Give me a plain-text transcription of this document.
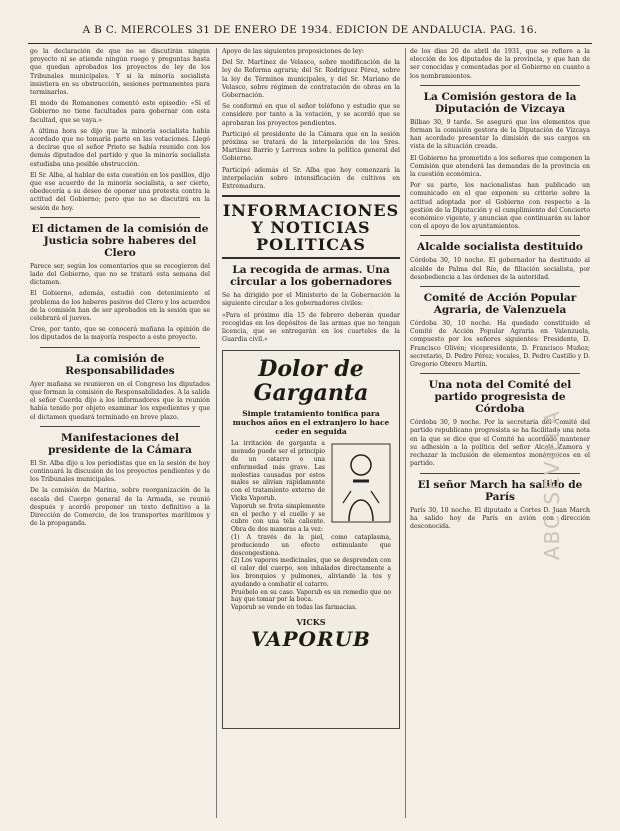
A B C. MIERCOLES 31 DE ENERO DE 1934. EDICION DE ANDALUCIA. PAG. 16.

go la declaración de que no se discutirán ningún proyecto ni se atiende ningún ruego y preguntas hasta que quedan aprobados los proyectos de ley de los Tribunales municipales. Y si la minoría socialista insistiera en su obstrucción, sesiones permanentes para terminarlos.

El modo de Romanones comentó este episodio: «Si el Gobierno no tiene facultades para gobernar con esta facultad, que se vaya.»

A última hora se dijo que la minoría socialista había acordado que no tomaría parte en las votaciones. Llegó a decirse que el señor Prieto se había reunido con los demás diputados del partido y que la minoría socialista estudiaba una posible obstrucción.

El Sr. Alba, al hablar de esta cuestión en los pasillos, dijo que ese acuerdo de la minoría socialista, a ser cierto, obedecería a su deseo de oponer una protesta contra la actitud del Gobierno; pero que no se discutirá en la sesión de hoy.

El dictamen de la comisión de Justicia sobre haberes del Clero

Parece ser, según los comentarios que se recogieron del lado del Gobierno, que no se tratará esta semana del dictamen.

El Gobierno, además, estudió con detenimiento el problema de los haberes pasivos del Clero y los acuerdos de la comisión han de ser aprobados en la sesión que se celebrará el jueves.

Cree, por tanto, que se conocerá mañana la opinión de los diputados de la mayoría respecto a este proyecto.

La comisión de Responsabilidades

Ayer mañana se reunieron en el Congreso los diputados que forman la comisión de Responsabilidades. A la salida el señor Cuerda dijo a los informadores que la reunión había tenido por objeto examinar los expedientes y que el dictamen quedará terminado en breve plazo.

Manifestaciones del presidente de la Cámara

El Sr. Alba dijo a los periodistas que en la sesión de hoy continuará la discusión de los proyectos pendientes y de los Tribunales municipales.

De la comisión de Marina, sobre reorganización de la escala del Cuerpo general de la Armada, se reunió después y acordó proponer un texto definitivo a la Dirección de Comercio, de los transportes marítimos y de la propaganda.

Apoyo de las siguientes proposiciones de ley:

Del Sr. Martínez de Velasco, sobre modificación de la ley de Reforma agraria; del Sr. Rodríguez Pérez, sobre la ley de Términos municipales, y del Sr. Mariano de Velasco, sobre régimen de contratación de obras en la Gobernación.

Se conformó en que el señor teléfono y estudio que se considere por tanto a la votación, y se acordó que se aprobaran los proyectos pendientes.

Participó el presidente de la Cámara que en la sesión próxima se tratará de la interpelación de los Sres. Martínez Barrio y Lerroux sobre la política general del Gobierno.

Participó además el Sr. Alba que hoy comenzará la interpelación sobre intensificación de cultivos en Extremadura.

INFORMACIONES Y NOTICIAS POLITICAS
La recogida de armas. Una circular a los gobernadores

Se ha dirigido por el Ministerio de la Gobernación la siguiente circular a los gobernadores civiles:

«Para el próximo día 15 de febrero deberán quedar recogidas en los depósitos de las armas que no tengan licencia, que se entregarán en los cuarteles de la Guardia civil.»

Dolor de Garganta
Simple tratamiento tonifica para muchos años en el extranjero lo hace ceder en seguida
La irritación de garganta a menudo puede ser el principio de un catarro o una enfermedad más grave. Las molestias causadas por estos males se alivian rápidamente con el tratamiento externo de Vicks Vaporub.
Vaporub se frota simplemente en el pecho y el cuello y se cubre con una tela caliente. Obra de dos maneras a la vez:
(1) A través de la piel, como cataplasma, produciendo un efecto estimulante que descongestiona.
(2) Los vapores medicinales, que se desprenden con el calor del cuerpo, son inhalados directamente a los bronquios y pulmones, aliviando la tos y ayudando a combatir el catarro.
Pruébelo en su caso. Vaporub es un remedio que no hay que tomar por la boca.
Vaporub se vende en todas las farmacias.
VICKS
VAPORUB

de los días 20 de abril de 1931, que se refiere a la elección de los diputados de la provincia, y que han de ser conocidas y comentadas por el Gobierno en cuanto a los nombramientos.

La Comisión gestora de la Diputación de Vizcaya

Bilbao 30, 9 tarde. Se aseguró que los elementos que forman la comisión gestora de la Diputación de Vizcaya han acordado presentar la dimisión de sus cargos en vista de la situación creada.

El Gobierno ha prometido a los señores que componen la Comisión que atenderá las demandas de la provincia en la cuestión económica.

Por su parte, los nacionalistas han publicado un comunicado en el que exponen su criterio sobre la actitud adoptada por el Gobierno con respecto a la gestión de la Diputación y el cumplimiento del Concierto económico vigente, y anuncian que continuarán su labor con el apoyo de los ayuntamientos.

Alcalde socialista destituido

Córdoba 30, 10 noche. El gobernador ha destituido al alcalde de Palma del Río, de filiación socialista, por desobediencia a las órdenes de la autoridad.

Comité de Acción Popular Agraria, de Valenzuela

Córdoba 30, 10 noche. Ha quedado constituido el Comité de Acción Popular Agraria en Valenzuela, compuesto por los señores siguientes: Presidente, D. Francisco Olivén; vicepresidente, D. Francisco Muñoz; secretario, D. Pedro Pérez; vocales, D. Pedro Castillo y D. Gregorio Obrero Martín.

Una nota del Comité del partido progresista de Córdoba

Córdoba 30, 9 noche. Por la secretaría del Comité del partido republicano progresista se ha facilitado una nota en la que se dice que el Comité ha acordado mantener su adhesión a la política del señor Alcalá Zamora y rechazar la inclusión de elementos monárquicos en el partido.

El señor March ha salido de París

París 30, 10 noche. El diputado a Cortes D. Juan March ha salido hoy de París en avión con dirección desconocida.	ABC SEVILLA
